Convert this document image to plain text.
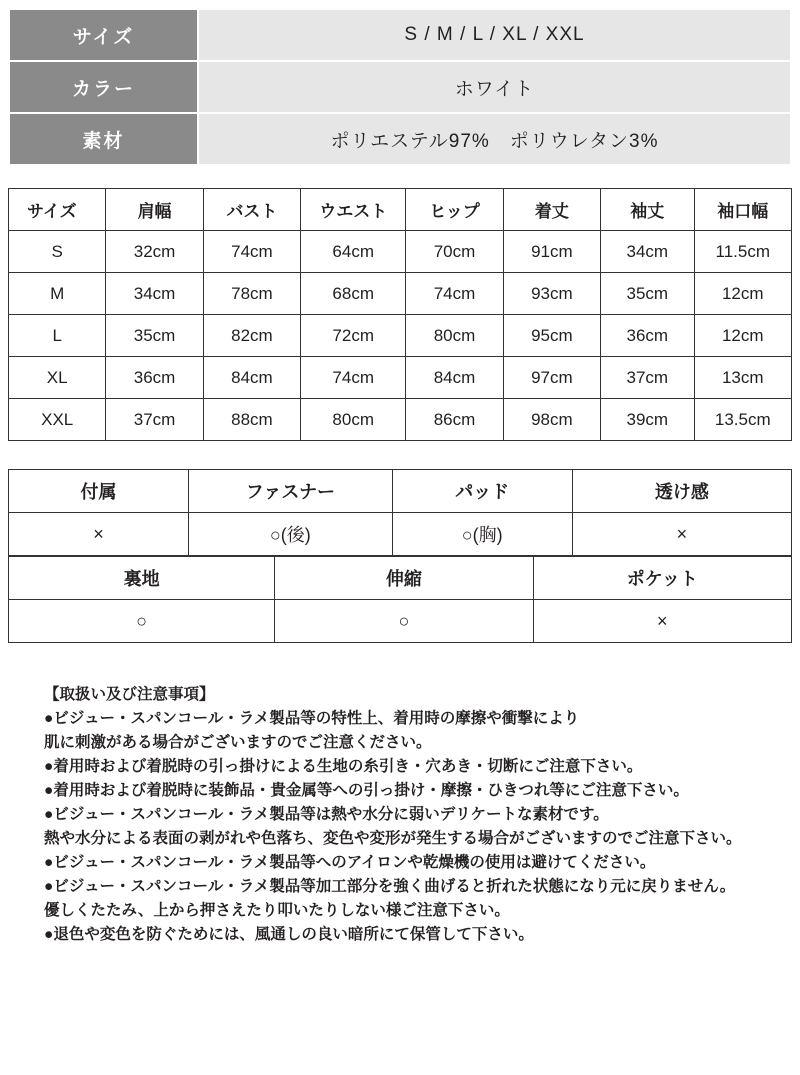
サイズ	S / M / L / XL / XXL
カラー	ホワイト
素材	ポリエステル97%　ポリウレタン3%
サイズ	肩幅	バスト	ウエスト	ヒップ	着丈	袖丈	袖口幅
S	32cm	74cm	64cm	70cm	91cm	34cm	11.5cm
M	34cm	78cm	68cm	74cm	93cm	35cm	12cm
L	35cm	82cm	72cm	80cm	95cm	36cm	12cm
XL	36cm	84cm	74cm	84cm	97cm	37cm	13cm
XXL	37cm	88cm	80cm	86cm	98cm	39cm	13.5cm
付属	ファスナー	パッド	透け感
×	○(後)	○(胸)	×
裏地	伸縮	ポケット
○	○	×
【取扱い及び注意事項】
●ビジュー・スパンコール・ラメ製品等の特性上、着用時の摩擦や衝撃により
肌に刺激がある場合がございますのでご注意ください。
●着用時および着脱時の引っ掛けによる生地の糸引き・穴あき・切断にご注意下さい。
●着用時および着脱時に装飾品・貴金属等への引っ掛け・摩擦・ひきつれ等にご注意下さい。
●ビジュー・スパンコール・ラメ製品等は熱や水分に弱いデリケートな素材です。
熱や水分による表面の剥がれや色落ち、変色や変形が発生する場合がございますのでご注意下さい。
●ビジュー・スパンコール・ラメ製品等へのアイロンや乾燥機の使用は避けてください。
●ビジュー・スパンコール・ラメ製品等加工部分を強く曲げると折れた状態になり元に戻りません。
優しくたたみ、上から押さえたり叩いたりしない様ご注意下さい。
●退色や変色を防ぐためには、風通しの良い暗所にて保管して下さい。
